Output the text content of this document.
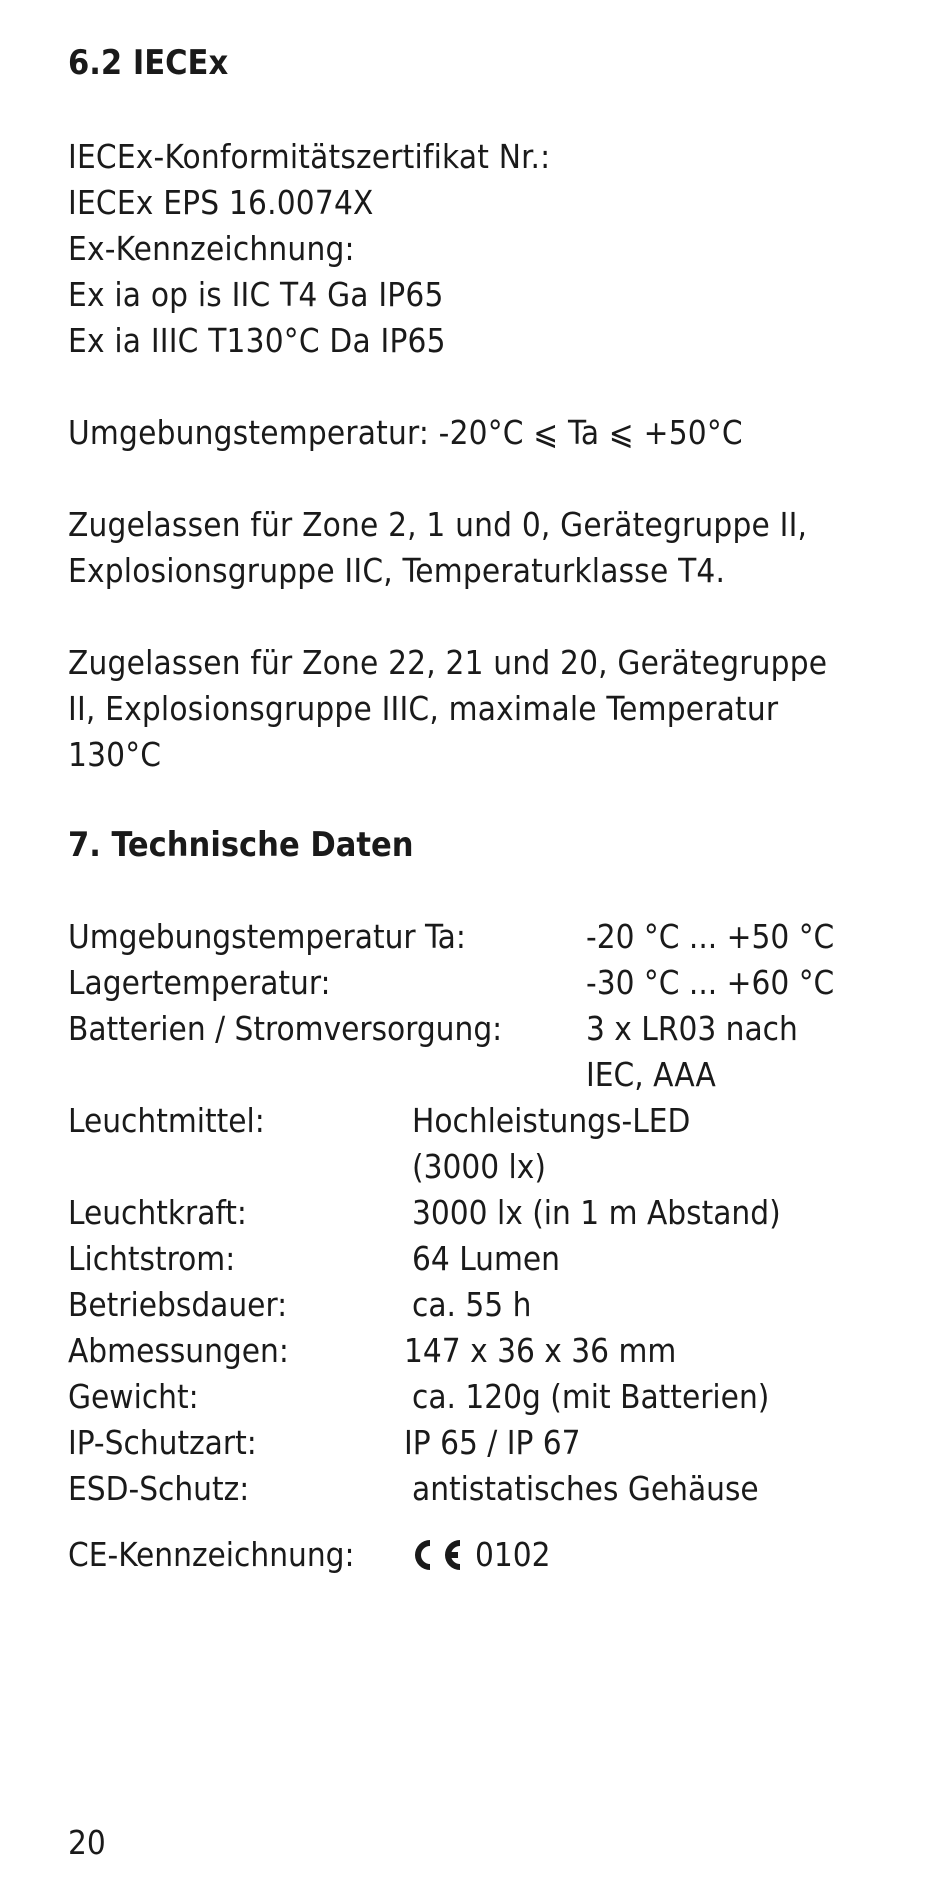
6.2 IECEx
IECEx-Konformitätszertifikat Nr.:
IECEx EPS 16.0074X
Ex-Kennzeichnung:
Ex ia op is IIC T4 Ga IP65
Ex ia IIIC T130°C Da IP65
Umgebungstemperatur: -20°C ⩽ Ta ⩽ +50°C
Zugelassen für Zone 2, 1 und 0, Gerätegruppe II,
Explosionsgruppe IIC, Temperaturklasse T4.
Zugelassen für Zone 22, 21 und 20, Gerätegruppe
II, Explosionsgruppe IIIC, maximale Temperatur
130°C
7. Technische Daten
Umgebungstemperatur Ta:	-20 °C ... +50 °C
Lagertemperatur:	-30 °C ... +60 °C
Batterien / Stromversorgung:	3 x LR03 nach
IEC, AAA
Leuchtmittel:	Hochleistungs-LED
(3000 lx)
Leuchtkraft:	3000 lx (in 1 m Abstand)
Lichtstrom:	64 Lumen
Betriebsdauer:	ca. 55 h
Abmessungen:	147 x 36 x 36 mm
Gewicht:	ca. 120g (mit Batterien)
IP-Schutzart:	IP 65 / IP 67
ESD-Schutz:	antistatisches Gehäuse
CE-Kennzeichnung:	0102
20
